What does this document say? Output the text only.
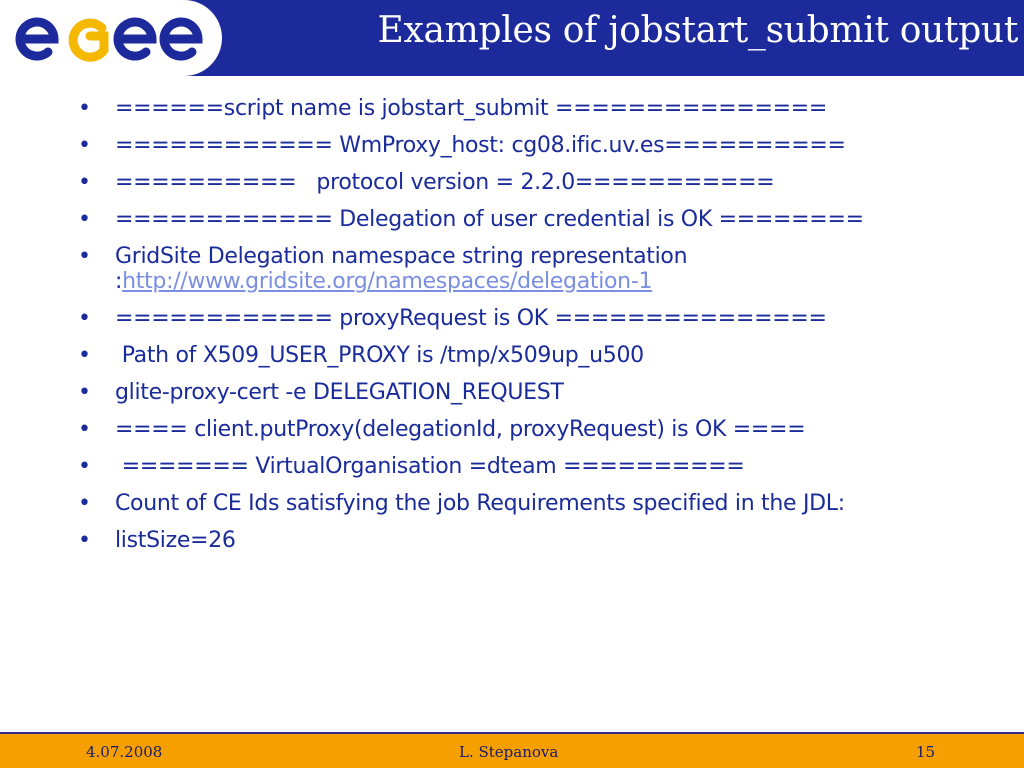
Examples of jobstart_submit output
• ======script name is jobstart_submit ===============
• ============ WmProxy_host: cg08.ific.uv.es==========
• ==========   protocol version = 2.2.0===========
• ============ Delegation of user credential is OK ========
• GridSite Delegation namespace string representation :http://www.gridsite.org/namespaces/delegation-1
• ============ proxyRequest is OK ===============
• Path of X509_USER_PROXY is /tmp/x509up_u500
• glite-proxy-cert -e DELEGATION_REQUEST
• ==== client.putProxy(delegationId, proxyRequest) is OK ====
• ======= VirtualOrganisation =dteam ==========
• Count of CE Ids satisfying the job Requirements specified in the JDL:
• listSize=26
4.07.2008	L. Stepanova	15
